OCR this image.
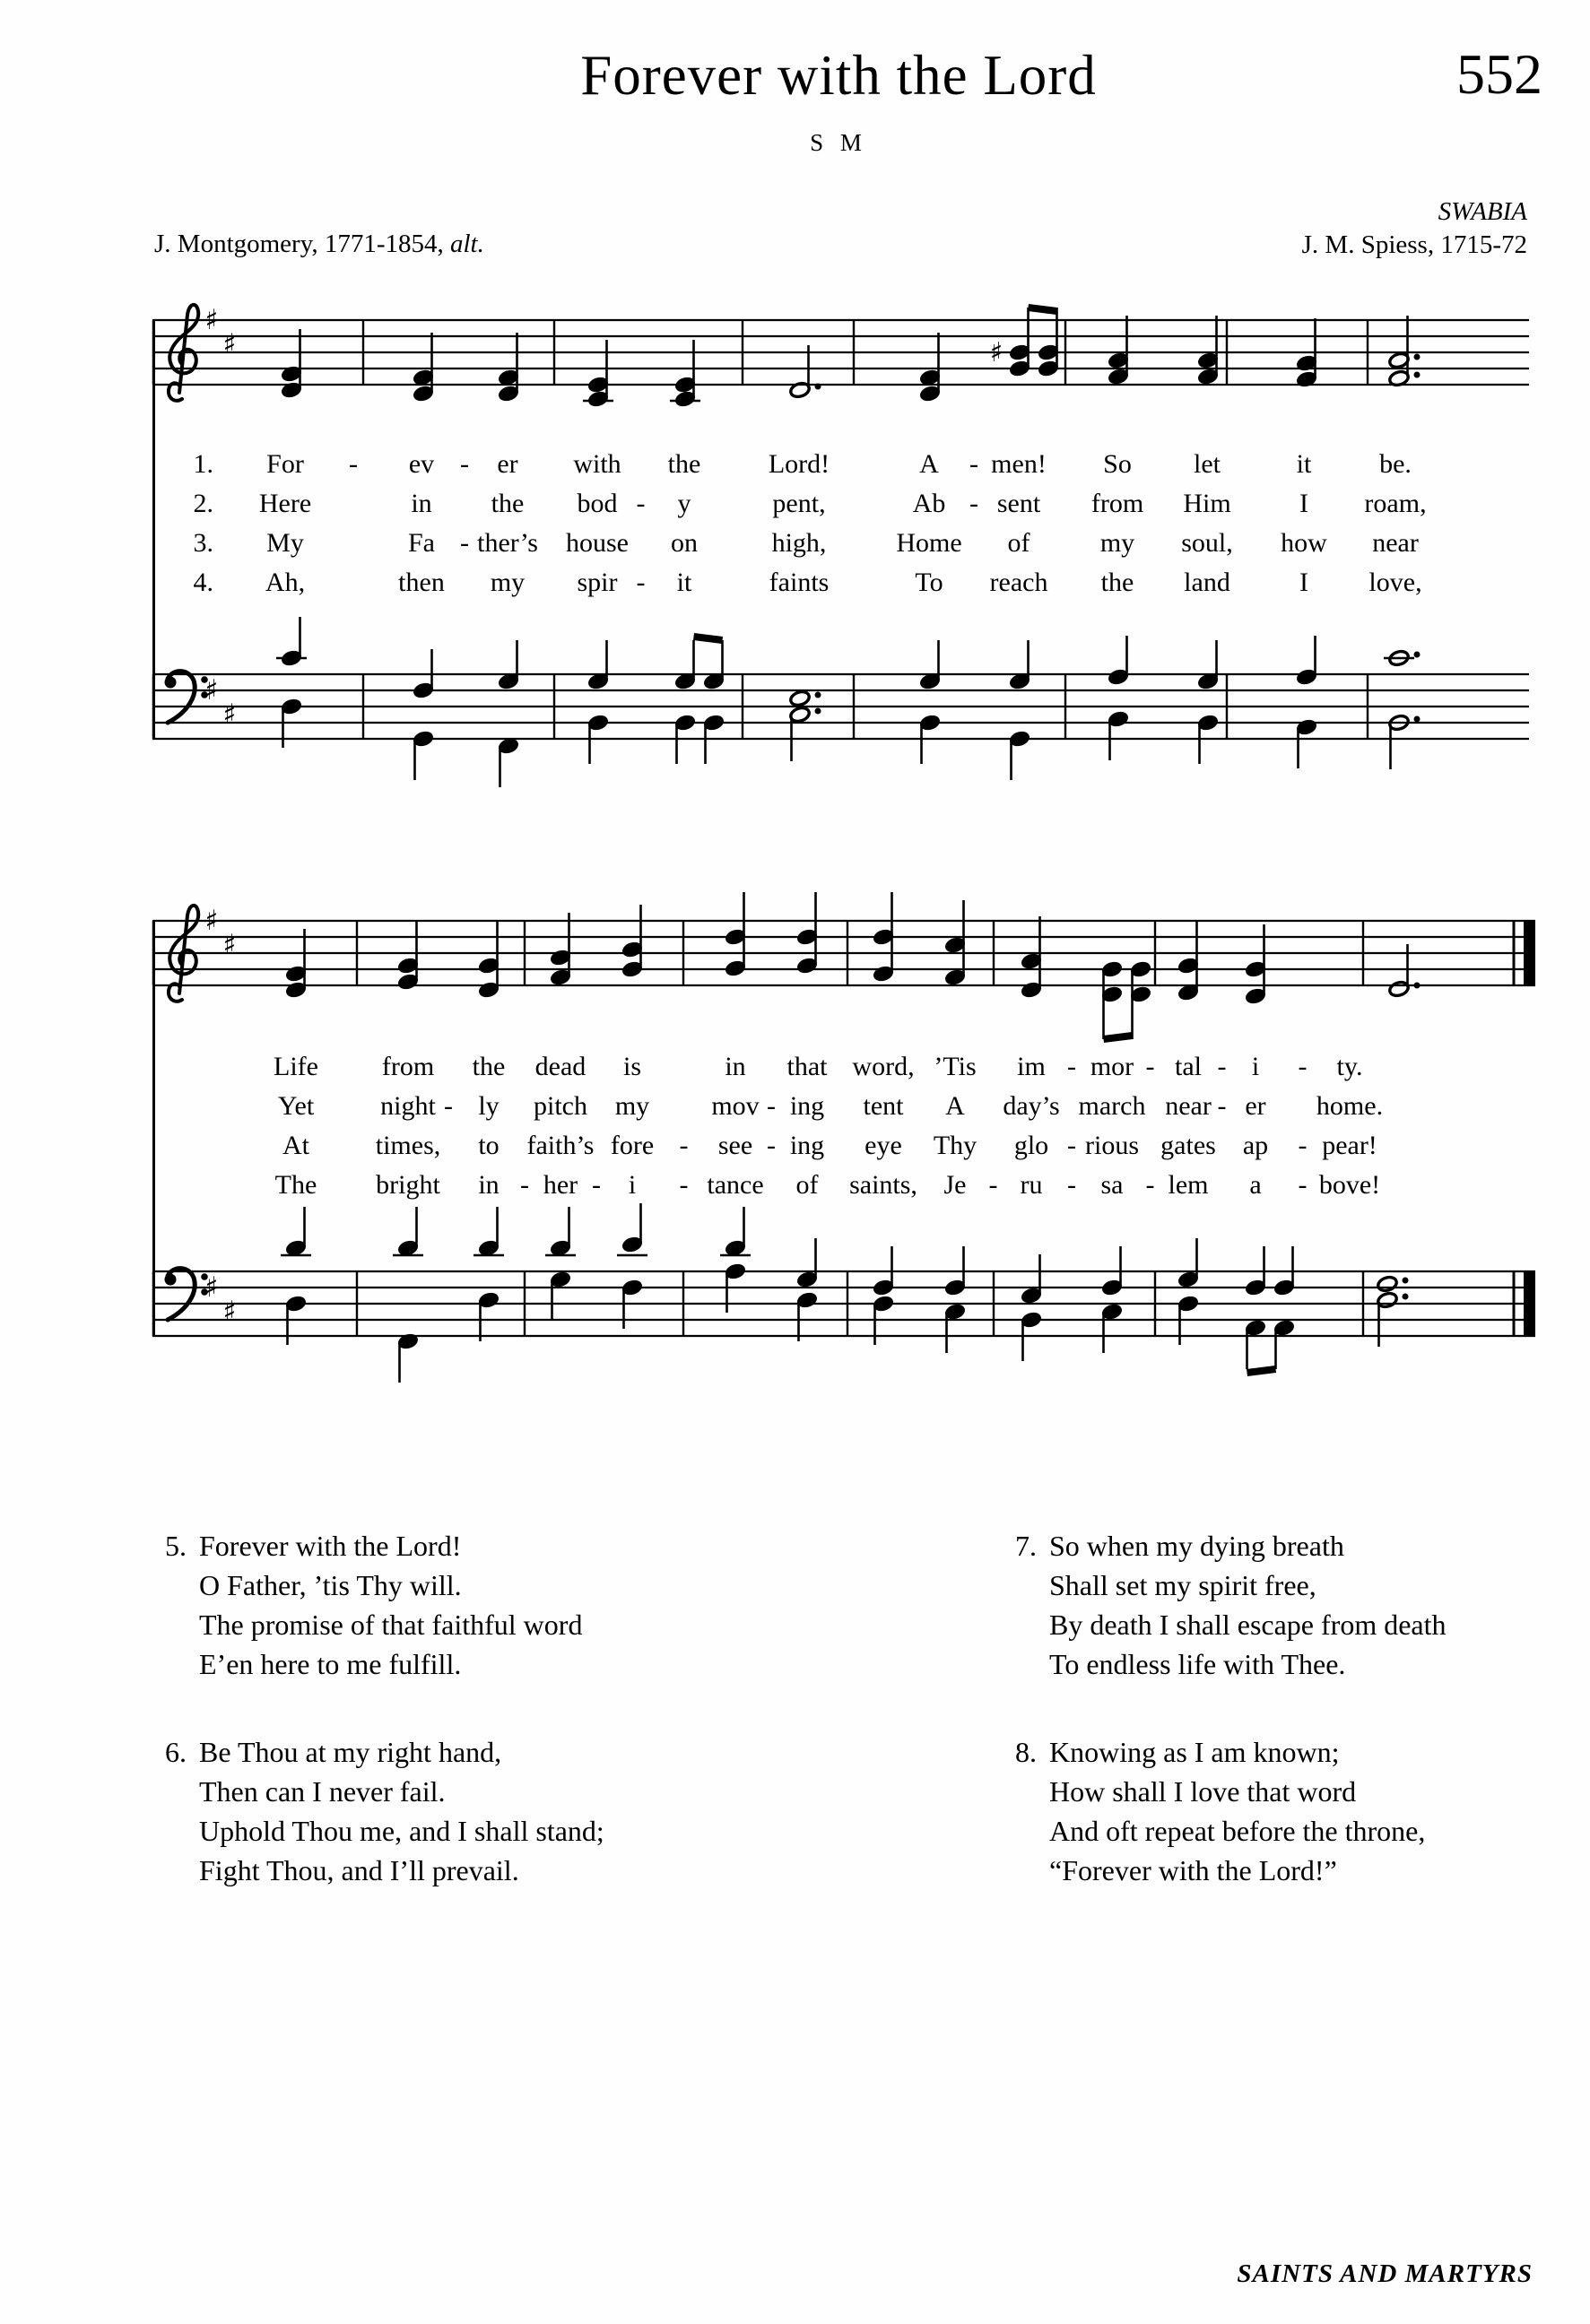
Forever with the Lord	552
S M
J. Montgomery, 1771-1854, alt.
SWABIA
J. M. Spiess, 1715-72
♯
♯	♯
♯
♯
♯
♯
♯
♯
1. For	ev er with the	Lord!	A men! So let	it	be.
-	-	-
2. Here	in the bod y	pent,	Ab sent from Him	I roam,
-	-
3. My	Fa ther’s house on	high,	Home of	my soul, how near
-
4. Ah,	then my spir it	faints	To reach the land	I love,
-
Life from the dead is	in that word, ’Tis im mor tal i	ty.
-	- -	-
Yet night ly pitch my mov ing tent A day’s march near er home.
-	-	-
At times, to faith’s fore see ing eye Thy glo rious gates ap pear!
-	-	-	-
The bright in her i	tance of saints, Je ru sa lem a bove!
- -	-	-	-	-	-
5. Forever with the Lord!
O Father, ’tis Thy will.
The promise of that faithful word
E’en here to me fulfill.
6. Be Thou at my right hand,
Then can I never fail.
Uphold Thou me, and I shall stand;
Fight Thou, and I’ll prevail.
7. So when my dying breath
Shall set my spirit free,
By death I shall escape from death
To endless life with Thee.
8. Knowing as I am known;
How shall I love that word
And oft repeat before the throne,
“Forever with the Lord!”
SAINTS AND MARTYRS
